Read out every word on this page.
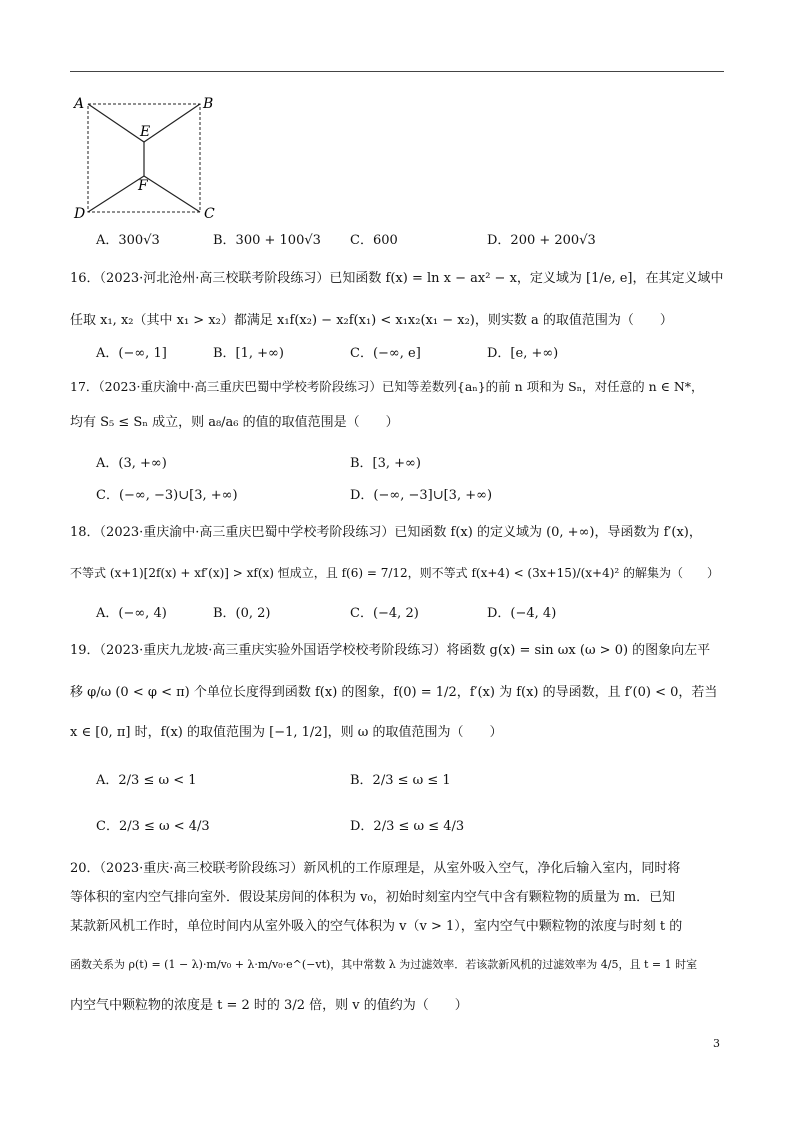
A	B
E
F
D	C
A．300√3	B．300 + 100√3 C．600	D．200 + 200√3
16．（2023·河北沧州·高三校联考阶段练习）已知函数 f(x) = ln x − ax² − x，定义域为 [1/e, e]，在其定义域中
任取 x₁, x₂（其中 x₁ > x₂）都满足 x₁f(x₂) − x₂f(x₁) < x₁x₂(x₁ − x₂)，则实数 a 的取值范围为（　　）
A．(−∞, 1]	B．[1, +∞)	C．(−∞, e]	D．[e, +∞)
17．（2023·重庆渝中·高三重庆巴蜀中学校考阶段练习）已知等差数列{aₙ}的前 n 项和为 Sₙ，对任意的 n ∈ N*，
均有 S₅ ≤ Sₙ 成立，则 a₈/a₆ 的值的取值范围是（　　）
A．(3, +∞)	B．[3, +∞)
C．(−∞, −3)∪[3, +∞)	D．(−∞, −3]∪[3, +∞)
18．（2023·重庆渝中·高三重庆巴蜀中学校考阶段练习）已知函数 f(x) 的定义域为 (0, +∞)，导函数为 f′(x)，
不等式 (x+1)[2f(x) + xf′(x)] > xf(x) 恒成立，且 f(6) = 7/12，则不等式 f(x+4) < (3x+15)/(x+4)² 的解集为（　　）
A．(−∞, 4)	B．(0, 2)	C．(−4, 2)	D．(−4, 4)
19．（2023·重庆九龙坡·高三重庆实验外国语学校校考阶段练习）将函数 g(x) = sin ωx (ω > 0) 的图象向左平
移 φ/ω (0 < φ < π) 个单位长度得到函数 f(x) 的图象，f(0) = 1/2，f′(x) 为 f(x) 的导函数，且 f′(0) < 0，若当
x ∈ [0, π] 时，f(x) 的取值范围为 [−1, 1/2]，则 ω 的取值范围为（　　）
A．2/3 ≤ ω < 1	B．2/3 ≤ ω ≤ 1
C．2/3 ≤ ω < 4/3	D．2/3 ≤ ω ≤ 4/3
20．（2023·重庆·高三校联考阶段练习）新风机的工作原理是，从室外吸入空气，净化后输入室内，同时将
等体积的室内空气排向室外．假设某房间的体积为 v₀，初始时刻室内空气中含有颗粒物的质量为 m．已知
某款新风机工作时，单位时间内从室外吸入的空气体积为 v（v > 1），室内空气中颗粒物的浓度与时刻 t 的
函数关系为 ρ(t) = (1 − λ)·m/v₀ + λ·m/v₀·e^(−vt)，其中常数 λ 为过滤效率．若该款新风机的过滤效率为 4/5，且 t = 1 时室
内空气中颗粒物的浓度是 t = 2 时的 3/2 倍，则 v 的值约为（　　）
3
